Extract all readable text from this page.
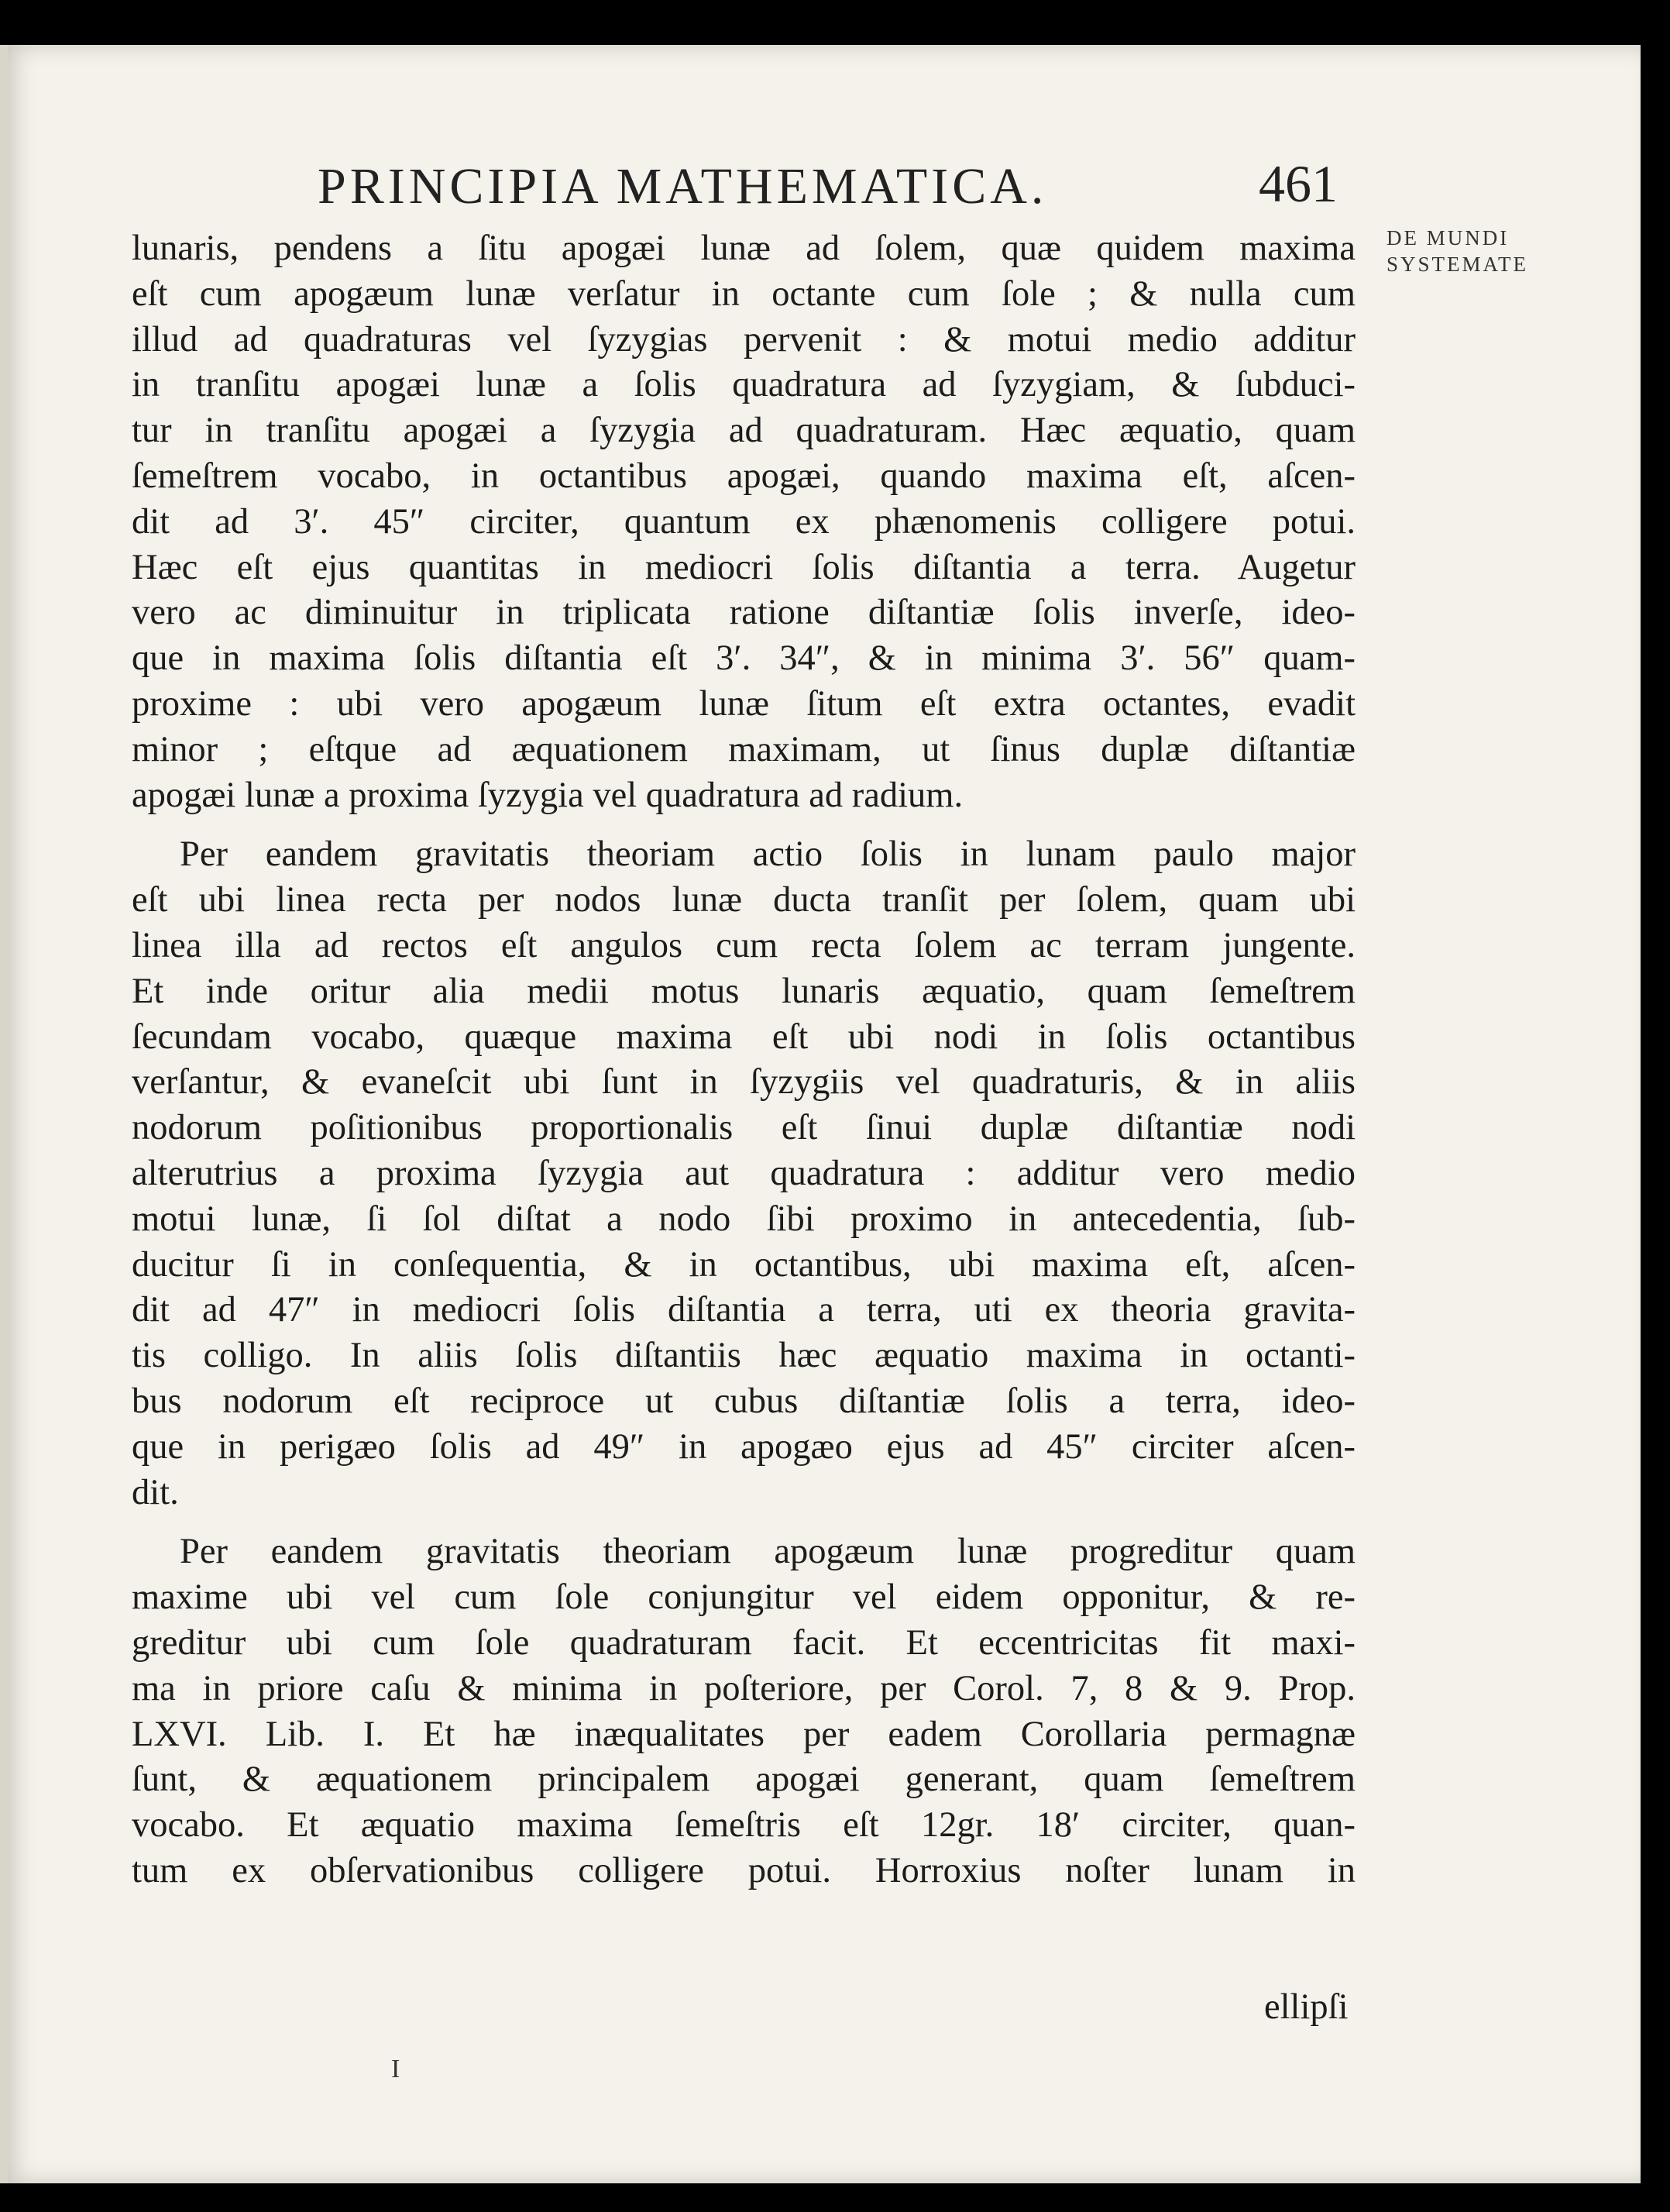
PRINCIPIA MATHEMATICA.	461
DE MUNDI
SYSTEMATE
lunaris, pendens a ſitu apogæi lunæ ad ſolem, quæ quidem maxima
eſt cum apogæum lunæ verſatur in octante cum ſole ; & nulla cum
illud ad quadraturas vel ſyzygias pervenit : & motui medio additur
in tranſitu apogæi lunæ a ſolis quadratura ad ſyzygiam, & ſubduci-
tur in tranſitu apogæi a ſyzygia ad quadraturam. Hæc æquatio, quam
ſemeſtrem vocabo, in octantibus apogæi, quando maxima eſt, aſcen-
dit ad 3′. 45″ circiter, quantum ex phænomenis colligere potui.
Hæc eſt ejus quantitas in mediocri ſolis diſtantia a terra. Augetur
vero ac diminuitur in triplicata ratione diſtantiæ ſolis inverſe, ideo-
que in maxima ſolis diſtantia eſt 3′. 34″, & in minima 3′. 56″ quam-
proxime : ubi vero apogæum lunæ ſitum eſt extra octantes, evadit
minor ; eſtque ad æquationem maximam, ut ſinus duplæ diſtantiæ
apogæi lunæ a proxima ſyzygia vel quadratura ad radium.
Per eandem gravitatis theoriam actio ſolis in lunam paulo major
eſt ubi linea recta per nodos lunæ ducta tranſit per ſolem, quam ubi
linea illa ad rectos eſt angulos cum recta ſolem ac terram jungente.
Et inde oritur alia medii motus lunaris æquatio, quam ſemeſtrem
ſecundam vocabo, quæque maxima eſt ubi nodi in ſolis octantibus
verſantur, & evaneſcit ubi ſunt in ſyzygiis vel quadraturis, & in aliis
nodorum poſitionibus proportionalis eſt ſinui duplæ diſtantiæ nodi
alterutrius a proxima ſyzygia aut quadratura : additur vero medio
motui lunæ, ſi ſol diſtat a nodo ſibi proximo in antecedentia, ſub-
ducitur ſi in conſequentia, & in octantibus, ubi maxima eſt, aſcen-
dit ad 47″ in mediocri ſolis diſtantia a terra, uti ex theoria gravita-
tis colligo. In aliis ſolis diſtantiis hæc æquatio maxima in octanti-
bus nodorum eſt reciproce ut cubus diſtantiæ ſolis a terra, ideo-
que in perigæo ſolis ad 49″ in apogæo ejus ad 45″ circiter aſcen-
dit.
Per eandem gravitatis theoriam apogæum lunæ progreditur quam
maxime ubi vel cum ſole conjungitur vel eidem opponitur, & re-
greditur ubi cum ſole quadraturam facit. Et eccentricitas fit maxi-
ma in priore caſu & minima in poſteriore, per Corol. 7, 8 & 9. Prop.
LXVI. Lib. I. Et hæ inæqualitates per eadem Corollaria permagnæ
ſunt, & æquationem principalem apogæi generant, quam ſemeſtrem
vocabo. Et æquatio maxima ſemeſtris eſt 12gr. 18′ circiter, quan-
tum ex obſervationibus colligere potui. Horroxius noſter lunam in
ellipſi
I
